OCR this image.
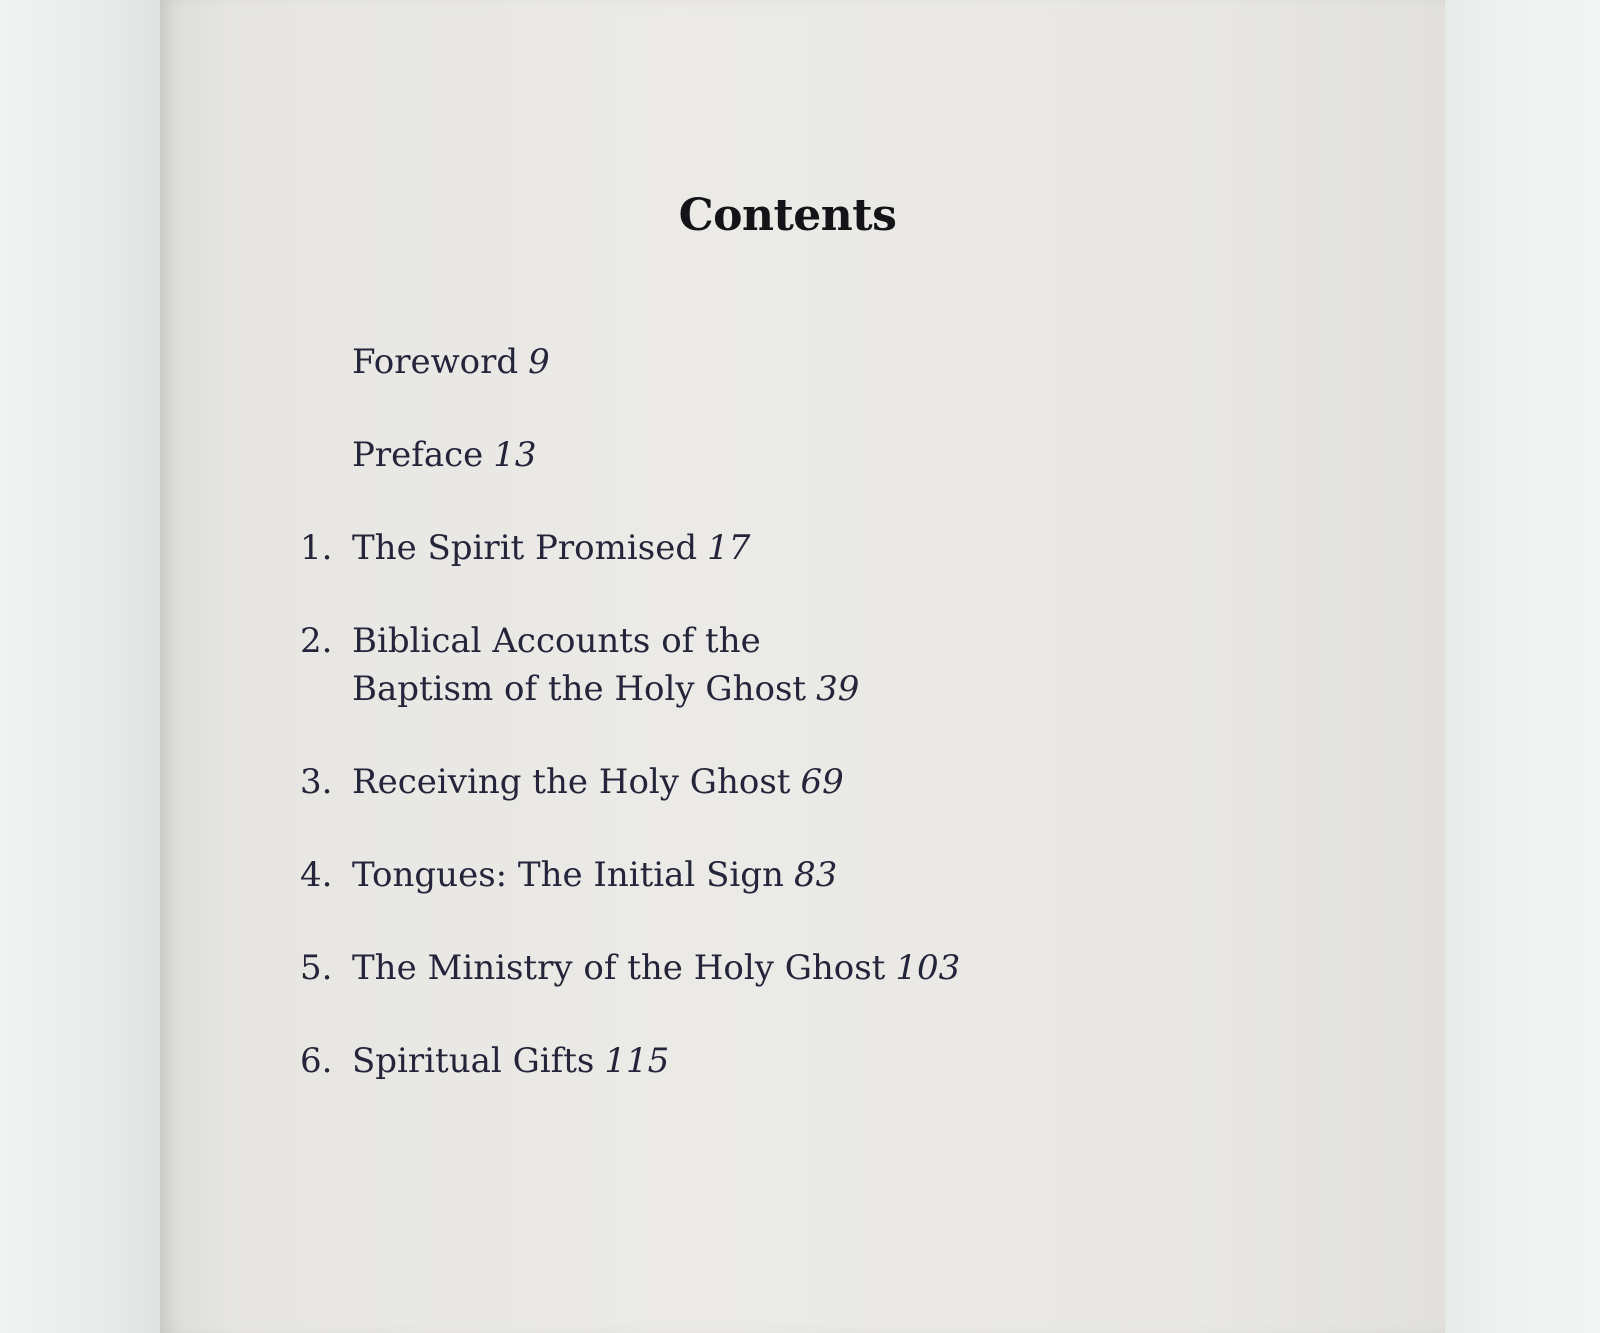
Contents
Foreword 9
Preface 13
1. The Spirit Promised 17
2. Biblical Accounts of the
Baptism of the Holy Ghost 39
3. Receiving the Holy Ghost 69
4. Tongues: The Initial Sign 83
5. The Ministry of the Holy Ghost 103
6. Spiritual Gifts 115
